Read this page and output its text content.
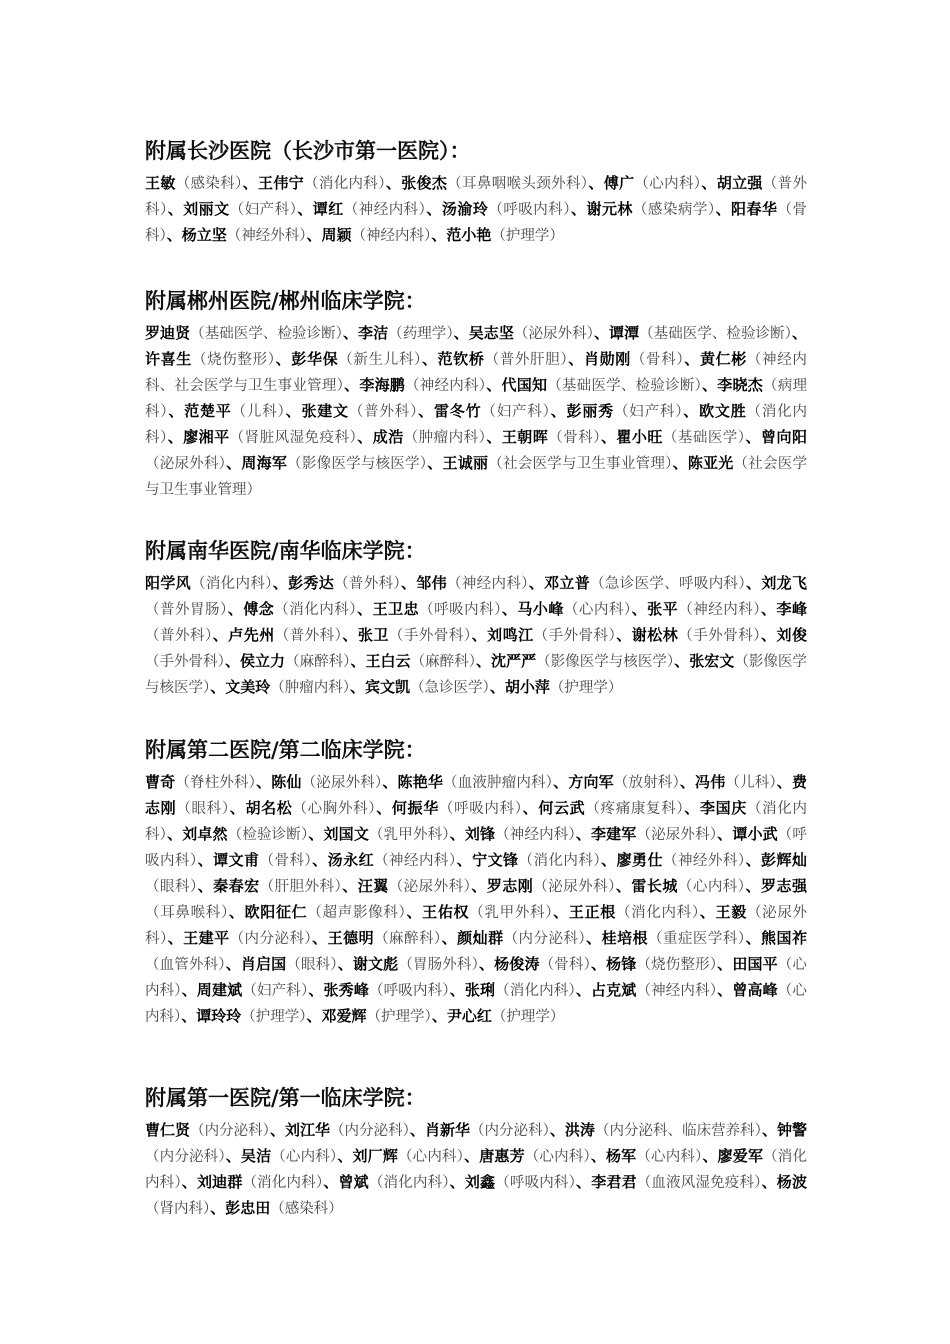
附属长沙医院（长沙市第一医院）：

王敏（感染科）、王伟宁（消化内科）、张俊杰（耳鼻咽喉头颈外科）、傅广（心内科）、胡立强（普外科）、刘丽文（妇产科）、谭红（神经内科）、汤渝玲（呼吸内科）、谢元林（感染病学）、阳春华（骨科）、杨立坚（神经外科）、周颖（神经内科）、范小艳（护理学）

附属郴州医院/郴州临床学院：

罗迪贤（基础医学、检验诊断）、李洁（药理学）、吴志坚（泌尿外科）、谭潭（基础医学、检验诊断）、许喜生（烧伤整形）、彭华保（新生儿科）、范钦桥（普外肝胆）、肖勋刚（骨科）、黄仁彬（神经内科、社会医学与卫生事业管理）、李海鹏（神经内科）、代国知（基础医学、检验诊断）、李晓杰（病理科）、范楚平（儿科）、张建文（普外科）、雷冬竹（妇产科）、彭丽秀（妇产科）、欧文胜（消化内科）、廖湘平（肾脏风湿免疫科）、成浩（肿瘤内科）、王朝晖（骨科）、瞿小旺（基础医学）、曾向阳（泌尿外科）、周海军（影像医学与核医学）、王诚丽（社会医学与卫生事业管理）、陈亚光（社会医学与卫生事业管理）

附属南华医院/南华临床学院：

阳学风（消化内科）、彭秀达（普外科）、邹伟（神经内科）、邓立普（急诊医学、呼吸内科）、刘龙飞（普外胃肠）、傅念（消化内科）、王卫忠（呼吸内科）、马小峰（心内科）、张平（神经内科）、李峰（普外科）、卢先州（普外科）、张卫（手外骨科）、刘鸣江（手外骨科）、谢松林（手外骨科）、刘俊（手外骨科）、侯立力（麻醉科）、王白云（麻醉科）、沈严严（影像医学与核医学）、张宏文（影像医学与核医学）、文美玲（肿瘤内科）、宾文凯（急诊医学）、胡小萍（护理学）

附属第二医院/第二临床学院：

曹奇（脊柱外科）、陈仙（泌尿外科）、陈艳华（血液肿瘤内科）、方向军（放射科）、冯伟（儿科）、费志刚（眼科）、胡名松（心胸外科）、何振华（呼吸内科）、何云武（疼痛康复科）、李国庆（消化内科）、刘卓然（检验诊断）、刘国文（乳甲外科）、刘锋（神经内科）、李建军（泌尿外科）、谭小武（呼吸内科）、谭文甫（骨科）、汤永红（神经内科）、宁文锋（消化内科）、廖勇仕（神经外科）、彭辉灿（眼科）、秦春宏（肝胆外科）、汪翼（泌尿外科）、罗志刚（泌尿外科）、雷长城（心内科）、罗志强（耳鼻喉科）、欧阳征仁（超声影像科）、王佑权（乳甲外科）、王正根（消化内科）、王毅（泌尿外科）、王建平（内分泌科）、王德明（麻醉科）、颜灿群（内分泌科）、桂培根（重症医学科）、熊国祚（血管外科）、肖启国（眼科）、谢文彪（胃肠外科）、杨俊涛（骨科）、杨锋（烧伤整形）、田国平（心内科）、周建斌（妇产科）、张秀峰（呼吸内科）、张琍（消化内科）、占克斌（神经内科）、曾高峰（心内科）、谭玲玲（护理学）、邓爱辉（护理学）、尹心红（护理学）

附属第一医院/第一临床学院：

曹仁贤（内分泌科）、刘江华（内分泌科）、肖新华（内分泌科）、洪涛（内分泌科、临床营养科）、钟警（内分泌科）、吴洁（心内科）、刘厂辉（心内科）、唐惠芳（心内科）、杨军（心内科）、廖爱军（消化内科）、刘迪群（消化内科）、曾斌（消化内科）、刘鑫（呼吸内科）、李君君（血液风湿免疫科）、杨波（肾内科）、彭忠田（感染科）
